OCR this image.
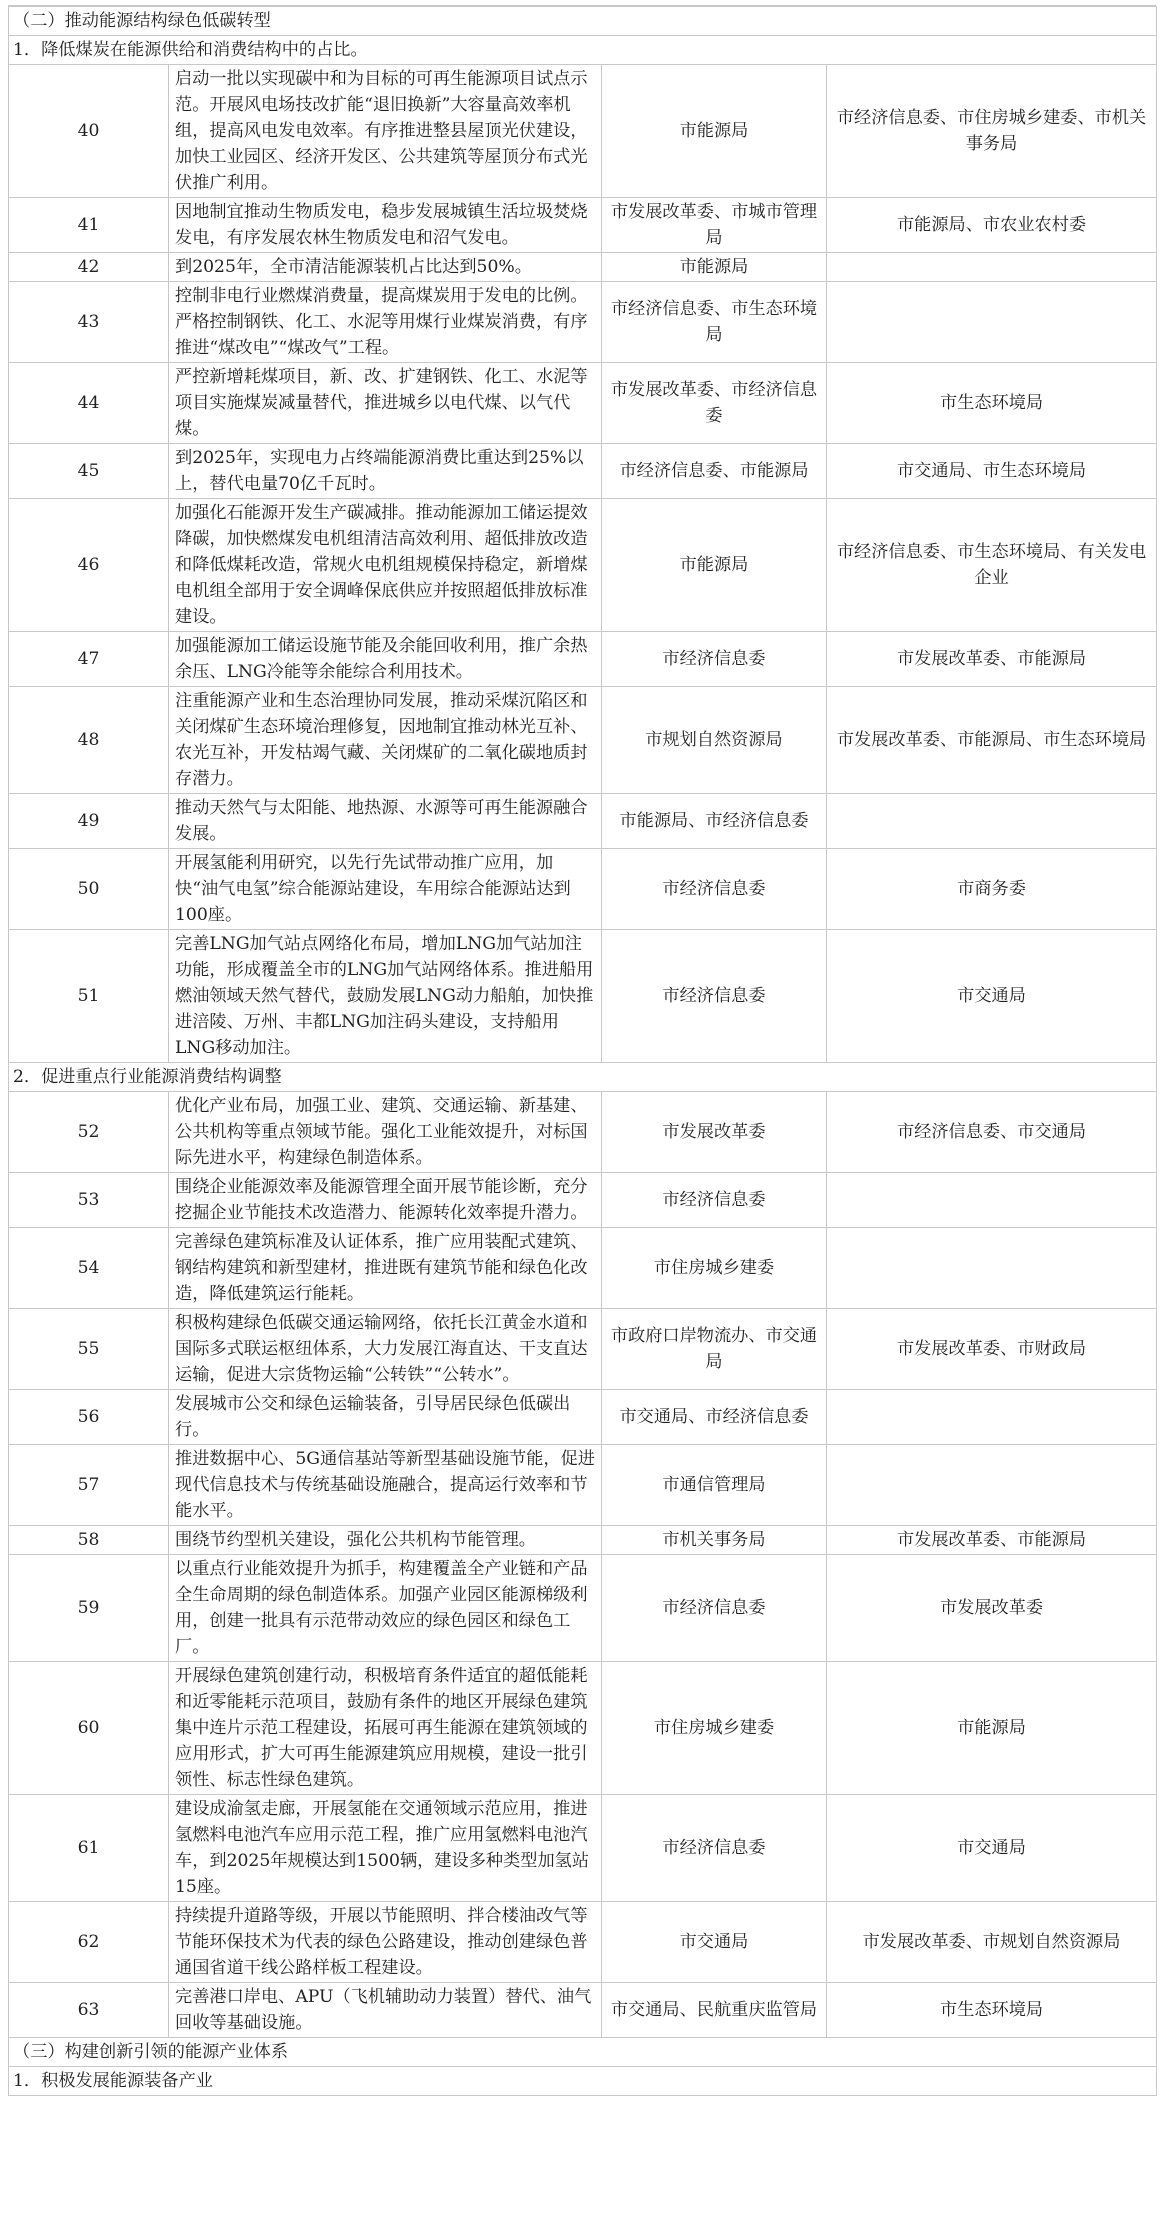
（二）推动能源结构绿色低碳转型			
1．降低煤炭在能源供给和消费结构中的占比。			
40	启动一批以实现碳中和为目标的可再生能源项目试点示范。开展风电场技改扩能“退旧换新”大容量高效率机组，提高风电发电效率。有序推进整县屋顶光伏建设，加快工业园区、经济开发区、公共建筑等屋顶分布式光伏推广利用。	市能源局	市经济信息委、市住房城乡建委、市机关事务局
41	因地制宜推动生物质发电，稳步发展城镇生活垃圾焚烧发电，有序发展农林生物质发电和沼气发电。	市发展改革委、市城市管理局	市能源局、市农业农村委
42	到2025年，全市清洁能源装机占比达到50%。	市能源局	
43	控制非电行业燃煤消费量，提高煤炭用于发电的比例。严格控制钢铁、化工、水泥等用煤行业煤炭消费，有序推进“煤改电”“煤改气”工程。	市经济信息委、市生态环境局	
44	严控新增耗煤项目，新、改、扩建钢铁、化工、水泥等项目实施煤炭减量替代，推进城乡以电代煤、以气代煤。	市发展改革委、市经济信息委	市生态环境局
45	到2025年，实现电力占终端能源消费比重达到25%以上，替代电量70亿千瓦时。	市经济信息委、市能源局	市交通局、市生态环境局
46	加强化石能源开发生产碳减排。推动能源加工储运提效降碳，加快燃煤发电机组清洁高效利用、超低排放改造和降低煤耗改造，常规火电机组规模保持稳定，新增煤电机组全部用于安全调峰保底供应并按照超低排放标准建设。	市能源局	市经济信息委、市生态环境局、有关发电企业
47	加强能源加工储运设施节能及余能回收利用，推广余热余压、LNG冷能等余能综合利用技术。	市经济信息委	市发展改革委、市能源局
48	注重能源产业和生态治理协同发展，推动采煤沉陷区和关闭煤矿生态环境治理修复，因地制宜推动林光互补、农光互补，开发枯竭气藏、关闭煤矿的二氧化碳地质封存潜力。	市规划自然资源局	市发展改革委、市能源局、市生态环境局
49	推动天然气与太阳能、地热源、水源等可再生能源融合发展。	市能源局、市经济信息委	
50	开展氢能利用研究，以先行先试带动推广应用，加快“油气电氢”综合能源站建设，车用综合能源站达到100座。	市经济信息委	市商务委
51	完善LNG加气站点网络化布局，增加LNG加气站加注功能，形成覆盖全市的LNG加气站网络体系。推进船用燃油领域天然气替代，鼓励发展LNG动力船舶，加快推进涪陵、万州、丰都LNG加注码头建设，支持船用LNG移动加注。	市经济信息委	市交通局
2．促进重点行业能源消费结构调整			
52	优化产业布局，加强工业、建筑、交通运输、新基建、公共机构等重点领域节能。强化工业能效提升，对标国际先进水平，构建绿色制造体系。	市发展改革委	市经济信息委、市交通局
53	围绕企业能源效率及能源管理全面开展节能诊断，充分挖掘企业节能技术改造潜力、能源转化效率提升潜力。	市经济信息委	
54	完善绿色建筑标准及认证体系，推广应用装配式建筑、钢结构建筑和新型建材，推进既有建筑节能和绿色化改造，降低建筑运行能耗。	市住房城乡建委	
55	积极构建绿色低碳交通运输网络，依托长江黄金水道和国际多式联运枢纽体系，大力发展江海直达、干支直达运输，促进大宗货物运输“公转铁”“公转水”。	市政府口岸物流办、市交通局	市发展改革委、市财政局
56	发展城市公交和绿色运输装备，引导居民绿色低碳出行。	市交通局、市经济信息委	
57	推进数据中心、5G通信基站等新型基础设施节能，促进现代信息技术与传统基础设施融合，提高运行效率和节能水平。	市通信管理局	
58	围绕节约型机关建设，强化公共机构节能管理。	市机关事务局	市发展改革委、市能源局
59	以重点行业能效提升为抓手，构建覆盖全产业链和产品全生命周期的绿色制造体系。加强产业园区能源梯级利用，创建一批具有示范带动效应的绿色园区和绿色工厂。	市经济信息委	市发展改革委
60	开展绿色建筑创建行动，积极培育条件适宜的超低能耗和近零能耗示范项目，鼓励有条件的地区开展绿色建筑集中连片示范工程建设，拓展可再生能源在建筑领域的应用形式，扩大可再生能源建筑应用规模，建设一批引领性、标志性绿色建筑。	市住房城乡建委	市能源局
61	建设成渝氢走廊，开展氢能在交通领域示范应用，推进氢燃料电池汽车应用示范工程，推广应用氢燃料电池汽车，到2025年规模达到1500辆，建设多种类型加氢站15座。	市经济信息委	市交通局
62	持续提升道路等级，开展以节能照明、拌合楼油改气等节能环保技术为代表的绿色公路建设，推动创建绿色普通国省道干线公路样板工程建设。	市交通局	市发展改革委、市规划自然资源局
63	完善港口岸电、APU（飞机辅助动力装置）替代、油气回收等基础设施。	市交通局、民航重庆监管局	市生态环境局
（三）构建创新引领的能源产业体系			
1．积极发展能源装备产业			
